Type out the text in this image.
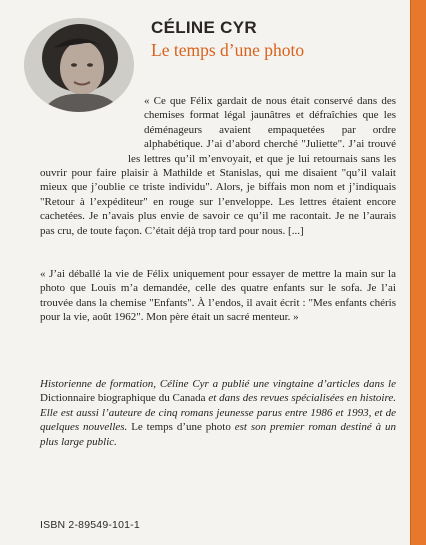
CÉLINE CYR
Le temps d’une photo

« Ce que Félix gardait de nous était conservé dans des chemises format légal jaunâtres et défraîchies que les déménageurs avaient empaquetées par ordre alphabétique. J’ai d’abord cherché "Juliette". J’ai trouvé les lettres qu’il m’envoyait, et que je lui retournais sans les ouvrir pour faire plaisir à Mathilde et Stanislas, qui me disaient "qu’il valait mieux que j’oublie ce triste individu". Alors, je biffais mon nom et j’indiquais "Retour à l’expéditeur" en rouge sur l’enveloppe. Les lettres étaient encore cachetées. Je n’avais plus envie de savoir ce qu’il me racontait. Je ne l’aurais pas cru, de toute façon. C’était déjà trop tard pour nous. [...]

« J’ai déballé la vie de Félix uniquement pour essayer de mettre la main sur la photo que Louis m’a demandée, celle des quatre enfants sur le sofa. Je l’ai trouvée dans la chemise "Enfants". À l’endos, il avait écrit : "Mes enfants chéris pour la vie, août 1962". Mon père était un sacré menteur. »

Historienne de formation, Céline Cyr a publié une vingtaine d’articles dans le Dictionnaire biographique du Canada et dans des revues spécialisées en histoire. Elle est aussi l’auteure de cinq romans jeunesse parus entre 1986 et 1993, et de quelques nouvelles. Le temps d’une photo est son premier roman destiné à un plus large public.

ISBN 2-89549-101-1
